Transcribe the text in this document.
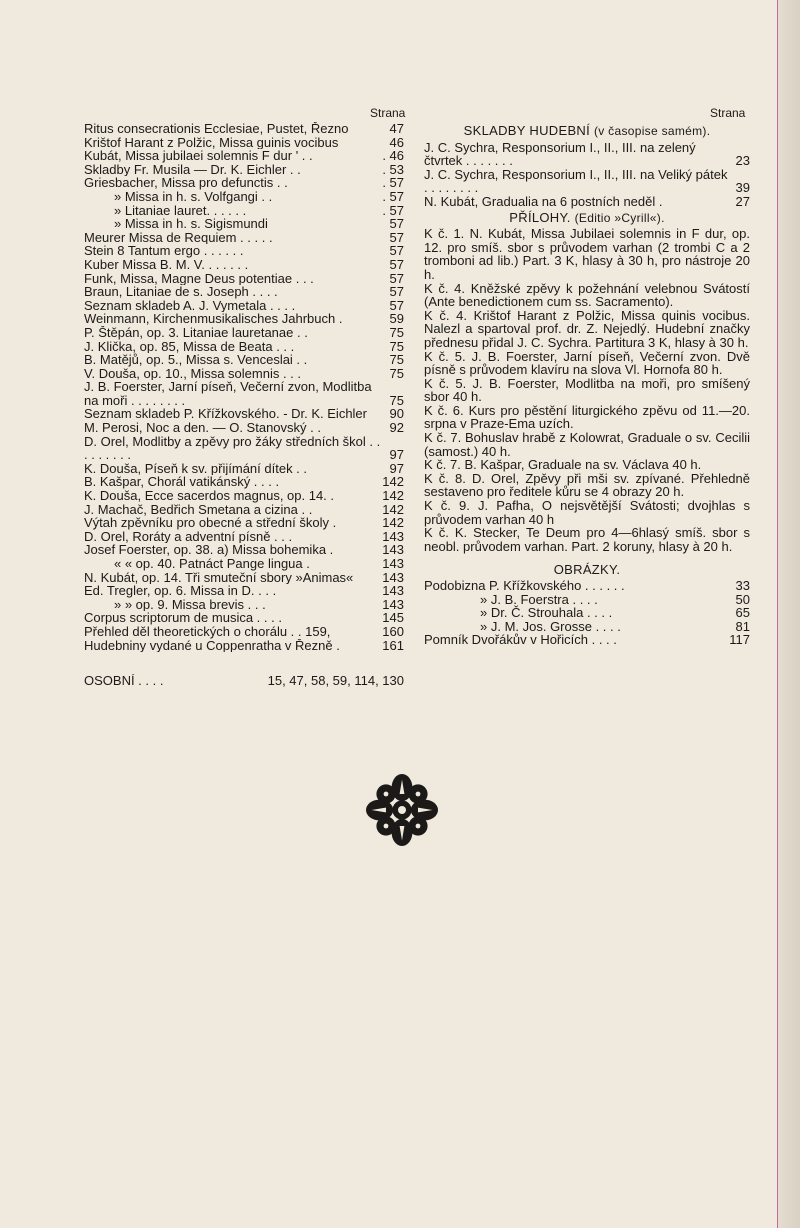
Strana	Strana
Ritus consecrationis Ecclesiae, Pustet, Řezno	47
Krištof Harant z Polžic, Missa guinis vocibus	46
Kubát, Missa jubilaei solemnis F dur ' . .	. 46
Skladby Fr. Musila — Dr. K. Eichler . .	. 53
Griesbacher, Missa pro defunctis . .	. 57
» Missa in h. s. Volfgangi . .	. 57
» Litaniae lauret. . . . . .	. 57
» Missa in h. s. Sigismundi	57
Meurer Missa de Requiem . . . . .	57
Stein 8 Tantum ergo . . . . . .	57
Kuber Missa B. M. V. . . . . . .	57
Funk, Missa, Magne Deus potentiae . . .	57
Braun, Litaniae de s. Joseph . . . .	57
Seznam skladeb A. J. Vymetala . . . .	57
Weinmann, Kirchenmusikalisches Jahrbuch .	59
P. Štěpán, op. 3. Litaniae lauretanae . .	75
J. Klička, op. 85, Missa de Beata . . .	75
B. Matějů, op. 5., Missa s. Venceslai . .	75
V. Douša, op. 10., Missa solemnis . . .	75
J. B. Foerster, Jarní píseň, Večerní zvon, Modlitba na moři . . . . . . . .	75
Seznam skladeb P. Křížkovského. - Dr. K. Eichler	90
M. Perosi, Noc a den. — O. Stanovský . .	92
D. Orel, Modlitby a zpěvy pro žáky středních škol . . . . . . . . .	97
K. Douša, Píseň k sv. přijímání dítek . .	97
B. Kašpar, Chorál vatikánský . . . .	142
K. Douša, Ecce sacerdos magnus, op. 14. .	142
J. Machač, Bedřich Smetana a cizina . .	142
Výtah zpěvníku pro obecné a střední školy .	142
D. Orel, Roráty a adventní písně . . .	143
Josef Foerster, op. 38. a) Missa bohemika .	143
« « op. 40. Patnáct Pange lingua .	143
N. Kubát, op. 14. Tři smuteční sbory »Animas«	143
Ed. Tregler, op. 6. Missa in D. . . .	143
» » op. 9. Missa brevis . . .	143
Corpus scriptorum de musica . . . .	145
Přehled děl theoretických o chorálu . . 159,	160
Hudebniny vydané u Coppenratha v Řezně .	161
OSOBNÍ . . . .	15, 47, 58, 59, 114, 130
SKLADBY HUDEBNÍ (v časopise samém).
J. C. Sychra, Responsorium I., II., III. na zelený čtvrtek . . . . . . .	23
J. C. Sychra, Responsorium I., II., III. na Veliký pátek . . . . . . . .	39
N. Kubát, Gradualia na 6 postních neděl .	27
PŘÍLOHY. (Editio »Cyrill«).
K č. 1. N. Kubát, Missa Jubilaei solemnis in F dur, op. 12. pro smíš. sbor s průvodem varhan (2 trombi C a 2 tromboni ad lib.) Part. 3 K, hlasy à 30 h, pro nástroje 20 h.
K č. 4. Kněžské zpěvy k požehnání velebnou Svátostí (Ante benedictionem cum ss. Sacramento).
K č. 4. Krištof Harant z Polžic, Missa quinis vocibus. Nalezl a spartoval prof. dr. Z. Nejedlý. Hudební značky přednesu přidal J. C. Sychra. Partitura 3 K, hlasy à 30 h.
K č. 5. J. B. Foerster, Jarní píseň, Večerní zvon. Dvě písně s průvodem klavíru na slova Vl. Hornofa 80 h.
K č. 5. J. B. Foerster, Modlitba na moři, pro smíšený sbor 40 h.
K č. 6. Kurs pro pěstění liturgického zpěvu od 11.—20. srpna v Praze-Ema uzích.
K č. 7. Bohuslav hrabě z Kolowrat, Graduale o sv. Cecilii (samost.) 40 h.
K č. 7. B. Kašpar, Graduale na sv. Václava 40 h.
K č. 8. D. Orel, Zpěvy při mši sv. zpívané. Přehledně sestaveno pro ředitele kůru se 4 obrazy 20 h.
K č. 9. J. Pafha, O nejsvětější Svátosti; dvojhlas s průvodem varhan 40 h
K č. K. Stecker, Te Deum pro 4—6hlasý smíš. sbor s neobl. průvodem varhan. Part. 2 koruny, hlasy à 20 h.
OBRÁZKY.
Podobizna P. Křížkovského . . . . . .	33
» J. B. Foerstra . . . .	50
» Dr. Č. Strouhala . . . .	65
» J. M. Jos. Grosse . . . .	81
Pomník Dvořákův v Hořicích . . . .	117
